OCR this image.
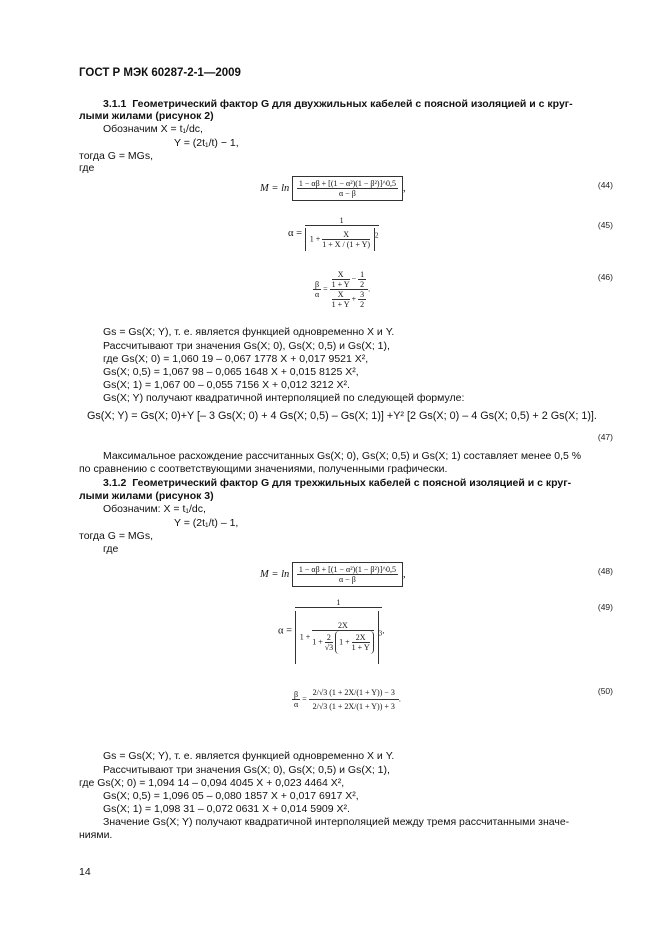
ГОСТ Р МЭК 60287-2-1—2009
3.1.1 Геометрический фактор G для двухжильных кабелей с поясной изоляцией и с круг-
лыми жилами (рисунок 2)
Обозначим X = t₁/dc,
Y = (2t₁/t) − 1,
тогда G = MGs,
где
$M = \ln \frac{\text{1 − αβ + [(1 − α²)(1 − β²)]\textasciicircum{}0,5}}{\alpha - \beta}$ ,	(44)
$\alpha = \frac{1}{1 + \frac{X}{1 + X / (1 + Y)} ^2}$	(45)
$\frac{\beta}{\alpha} = \frac{\frac{X}{1 + Y} - \frac{1}{2}}{\frac{X}{1 + Y} + \frac{3}{2}}$ .
(46)
Gs = Gs(X; Y), т. е. является функцией одновременно X и Y.
Рассчитывают три значения Gs(X; 0), Gs(X; 0,5) и Gs(X; 1),
где Gs(X; 0) = 1,060 19 – 0,067 1778 X + 0,017 9521 X²,
Gs(X; 0,5) = 1,067 98 – 0,065 1648 X + 0,015 8125 X²,
Gs(X; 1) = 1,067 00 – 0,055 7156 X + 0,012 3212 X².
Gs(X; Y) получают квадратичной интерполяцией по следующей формуле:
Gs(X; Y) = Gs(X; 0)+Y [– 3 Gs(X; 0) + 4 Gs(X; 0,5) – Gs(X; 1)] +Y² [2 Gs(X; 0) – 4 Gs(X; 0,5) + 2 Gs(X; 1)].
(47)
Максимальное расхождение рассчитанных Gs(X; 0), Gs(X; 0,5) и Gs(X; 1) составляет менее 0,5 %
по сравнению с соответствующими значениями, полученными графически.
3.1.2 Геометрический фактор G для трехжильных кабелей с поясной изоляцией и с круг-
лыми жилами (рисунок 3)
Обозначим: X = t₁/dc,
Y = (2t₁/t) – 1,
тогда G = MGs,
где
$M = \ln \frac{\text{1 − αβ + [(1 − α²)(1 − β²)]\textasciicircum{}0,5}}{\alpha - \beta}$ ,	(48)
α =
1
1 +
2X
$1 + \frac{2}{√3} 1 + \frac{2X}{1 + Y} ^3$ .
(49)
$\frac{\beta}{\alpha} = \frac{2/√3 (1 + 2X/(1 + Y)) - 3}{2/√3 (1 + 2X/(1 + Y)) + 3}$ .
(50)
Gs = Gs(X; Y), т. е. является функцией одновременно X и Y.
Рассчитывают три значения Gs(X; 0), Gs(X; 0,5) и Gs(X; 1),
где Gs(X; 0) = 1,094 14 – 0,094 4045 X + 0,023 4464 X²,
Gs(X; 0,5) = 1,096 05 – 0,080 1857 X + 0,017 6917 X²,
Gs(X; 1) = 1,098 31 – 0,072 0631 X + 0,014 5909 X².
Значение Gs(X; Y) получают квадратичной интерполяцией между тремя рассчитанными значе-
ниями.
14
